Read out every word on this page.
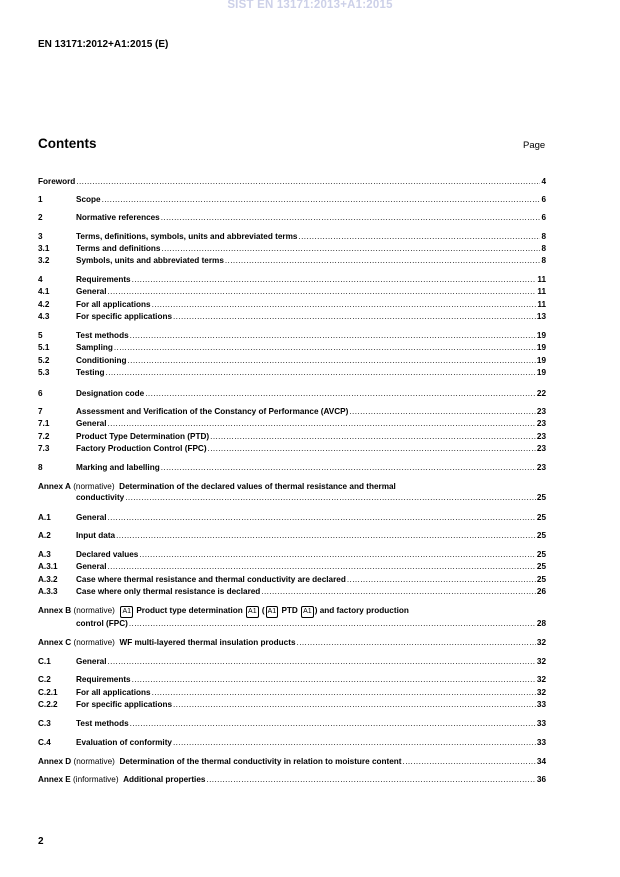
SIST EN 13171:2013+A1:2015
EN 13171:2012+A1:2015 (E)
Contents	Page
Foreword .....	4
1	Scope .....	6
2	Normative references .....	6
3	Terms, definitions, symbols, units and abbreviated terms .....	8
3.1	Terms and definitions .....	8
3.2	Symbols, units and abbreviated terms .....	8
4	Requirements .....	11
4.1	General .....	11
4.2	For all applications .....	11
4.3	For specific applications .....	13
5	Test methods .....	19
5.1	Sampling .....	19
5.2	Conditioning .....	19
5.3	Testing .....	19
6	Designation code .....	22
7	Assessment and Verification of the Constancy of Performance (AVCP) .....	23
7.1	General .....	23
7.2	Product Type Determination (PTD) .....	23
7.3	Factory Production Control (FPC) .....	23
8	Marking and labelling .....	23
Annex A
(normative)
Determination of the declared values of thermal resistance and thermal
conductivity .....	25
A.1	General .....	25
A.2	Input data .....	25
A.3	Declared values .....	25
A.3.1	General .....	25
A.3.2	Case where thermal resistance and thermal conductivity are declared .....	25
A.3.3	Case where only thermal resistance is declared .....	26
Annex B
(normative)
A1
Product type determination
A1
( A1
PTD
A1 ) and factory production
control (FPC) .....	28
Annex C
(normative)
WF multi-layered thermal insulation products .....	32
C.1	General .....	32
C.2	Requirements .....	32
C.2.1	For all applications .....	32
C.2.2	For specific applications .....	33
C.3	Test methods .....	33
C.4	Evaluation of conformity .....	33
Annex D
(normative)
Determination of the thermal conductivity in relation to moisture content .....	34
Annex E
(informative)
Additional properties .....	36
2
